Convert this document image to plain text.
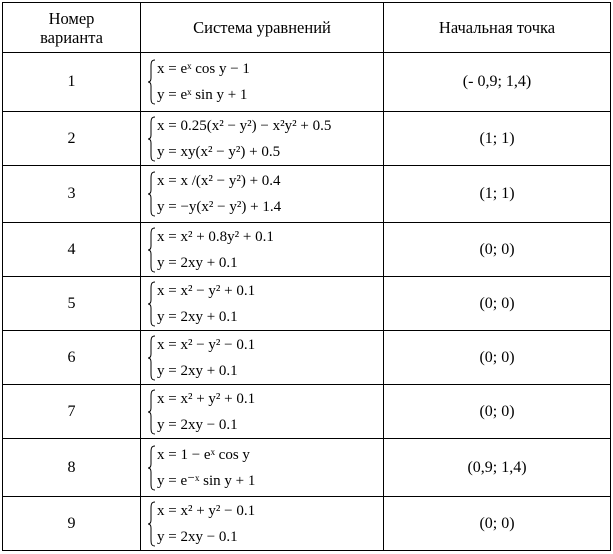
Номер
варианта	Система уравнений	Начальная точка
1	x = eˣ cos y − 1
y = eˣ sin y + 1	(- 0,9; 1,4)
2	x = 0.25(x² − y²) − x²y² + 0.5
y = xy(x² − y²) + 0.5	(1; 1)
3	x = x /(x² − y²) + 0.4
y = −y(x² − y²) + 1.4	(1; 1)
4	x = x² + 0.8y² + 0.1
y = 2xy + 0.1	(0; 0)
5	x = x² − y² + 0.1
y = 2xy + 0.1	(0; 0)
6	x = x² − y² − 0.1
y = 2xy + 0.1	(0; 0)
7	x = x² + y² + 0.1
y = 2xy − 0.1	(0; 0)
8	x = 1 − eˣ cos y
y = e⁻ˣ sin y + 1	(0,9; 1,4)
9	x = x² + y² − 0.1
y = 2xy − 0.1	(0; 0)
